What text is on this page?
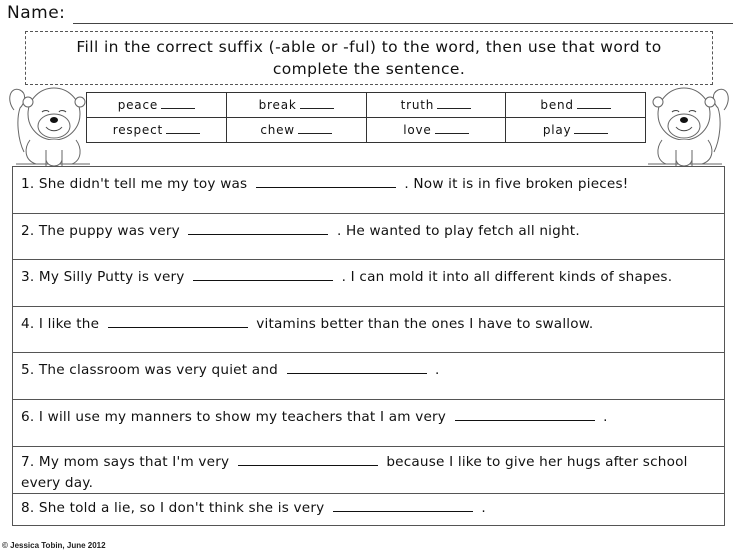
Name:
Fill in the correct suffix (-able or -ful) to the word, then use that word to complete the sentence.
peace	break	truth	bend
respect	chew	love	play
1. She didn't tell me my toy was	. Now it is in five broken pieces!
2. The puppy was very	. He wanted to play fetch all night.
3. My Silly Putty is very	. I can mold it into all different kinds of shapes.
4. I like the	vitamins better than the ones I have to swallow.
5. The classroom was very quiet and	.
6. I will use my manners to show my teachers that I am very	.
7. My mom says that I'm very	because I like to give her hugs after school every day.
8. She told a lie, so I don't think she is very	.
© Jessica Tobin, June 2012
